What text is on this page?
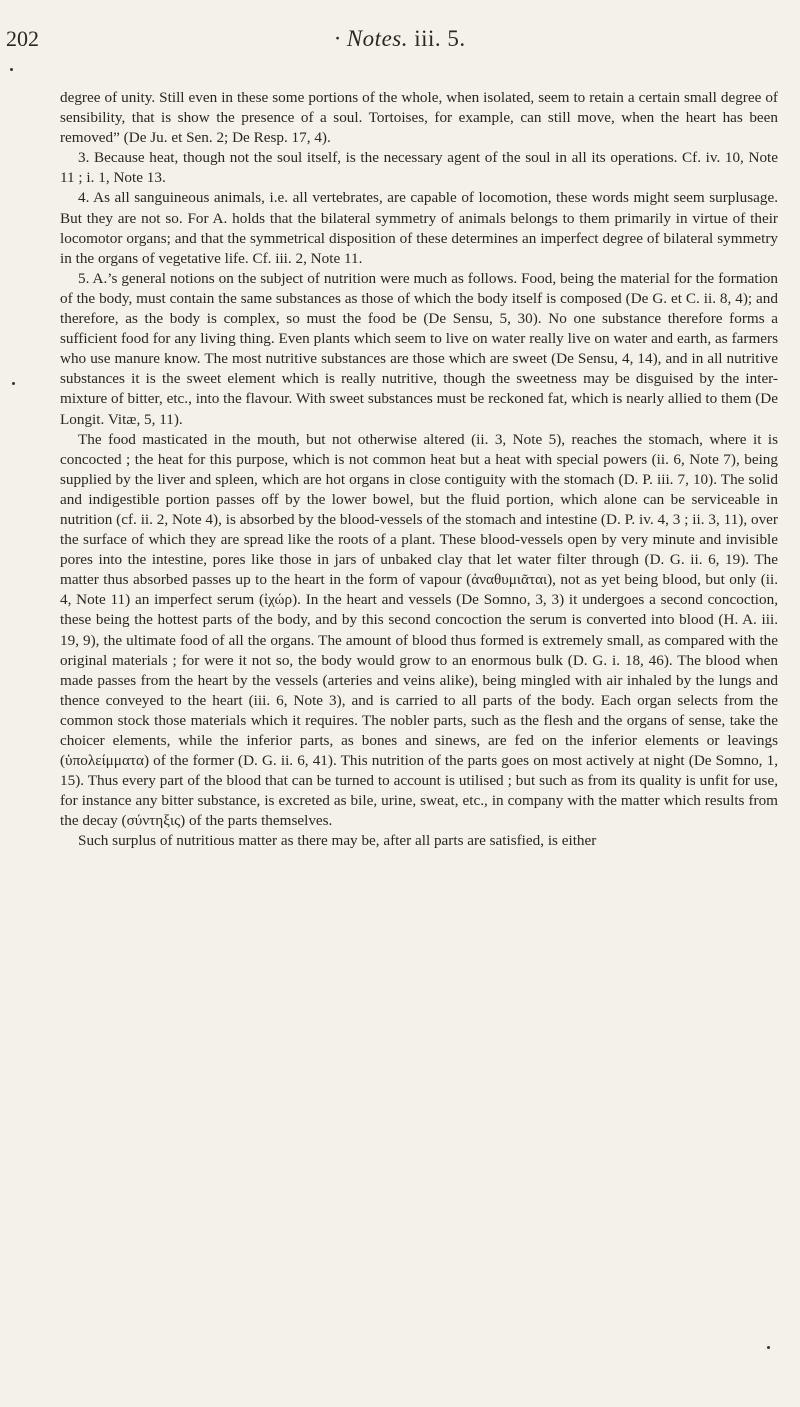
202	· Notes. iii. 5.

degree of unity. Still even in these some portions of the whole, when isolated, seem to retain a certain small degree of sensibility, that is show the presence of a soul. Tortoises, for example, can still move, when the heart has been removed” (De Ju. et Sen. 2; De Resp. 17, 4).

3. Because heat, though not the soul itself, is the necessary agent of the soul in all its operations. Cf. iv. 10, Note 11 ; i. 1, Note 13.

4. As all sanguineous animals, i.e. all vertebrates, are capable of locomotion, these words might seem surplusage. But they are not so. For A. holds that the bilateral symmetry of animals belongs to them primarily in virtue of their locomotor organs; and that the symmetrical disposition of these determines an imperfect degree of bilateral symmetry in the organs of vegetative life. Cf. iii. 2, Note 11.

5. A.’s general notions on the subject of nutrition were much as follows. Food, being the material for the formation of the body, must contain the same substances as those of which the body itself is composed (De G. et C. ii. 8, 4); and therefore, as the body is complex, so must the food be (De Sensu, 5, 30). No one substance therefore forms a sufficient food for any living thing. Even plants which seem to live on water really live on water and earth, as farmers who use manure know. The most nutritive substances are those which are sweet (De Sensu, 4, 14), and in all nutritive substances it is the sweet element which is really nutritive, though the sweetness may be disguised by the inter-mixture of bitter, etc., into the flavour. With sweet substances must be reckoned fat, which is nearly allied to them (De Longit. Vitæ, 5, 11).

The food masticated in the mouth, but not otherwise altered (ii. 3, Note 5), reaches the stomach, where it is concocted ; the heat for this purpose, which is not common heat but a heat with special powers (ii. 6, Note 7), being supplied by the liver and spleen, which are hot organs in close contiguity with the stomach (D. P. iii. 7, 10). The solid and indigestible portion passes off by the lower bowel, but the fluid portion, which alone can be serviceable in nutrition (cf. ii. 2, Note 4), is absorbed by the blood-vessels of the stomach and intestine (D. P. iv. 4, 3 ; ii. 3, 11), over the surface of which they are spread like the roots of a plant. These blood-vessels open by very minute and invisible pores into the intestine, pores like those in jars of unbaked clay that let water filter through (D. G. ii. 6, 19). The matter thus absorbed passes up to the heart in the form of vapour (ἀναθυμιᾶται), not as yet being blood, but only (ii. 4, Note 11) an imperfect serum (ἰχώρ). In the heart and vessels (De Somno, 3, 3) it undergoes a second concoction, these being the hottest parts of the body, and by this second concoction the serum is converted into blood (H. A. iii. 19, 9), the ultimate food of all the organs. The amount of blood thus formed is extremely small, as compared with the original materials ; for were it not so, the body would grow to an enormous bulk (D. G. i. 18, 46). The blood when made passes from the heart by the vessels (arteries and veins alike), being mingled with air inhaled by the lungs and thence conveyed to the heart (iii. 6, Note 3), and is carried to all parts of the body. Each organ selects from the common stock those materials which it requires. The nobler parts, such as the flesh and the organs of sense, take the choicer elements, while the inferior parts, as bones and sinews, are fed on the inferior elements or leavings (ὑπολείμματα) of the former (D. G. ii. 6, 41). This nutrition of the parts goes on most actively at night (De Somno, 1, 15). Thus every part of the blood that can be turned to account is utilised ; but such as from its quality is unfit for use, for instance any bitter substance, is excreted as bile, urine, sweat, etc., in company with the matter which results from the decay (σύντηξις) of the parts themselves.

Such surplus of nutritious matter as there may be, after all parts are satisfied, is either
